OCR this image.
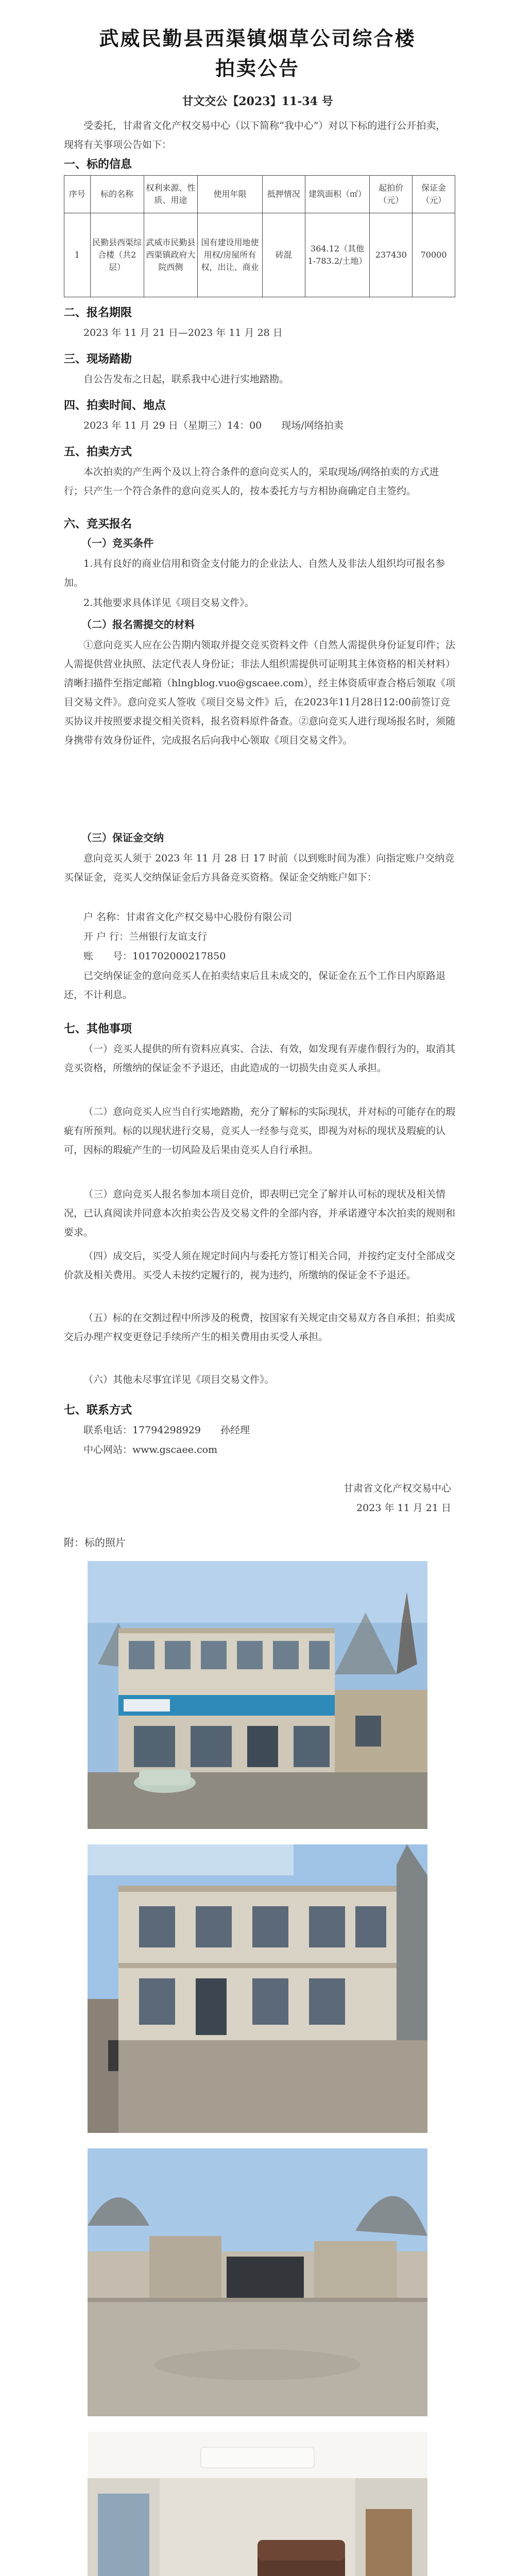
武威民勤县西渠镇烟草公司综合楼
拍卖公告
甘文交公【2023】11-34 号

受委托，甘肃省文化产权交易中心（以下简称“我中心”）对以下标的进行公开拍卖，现将有关事项公告如下：

一、标的信息
序号	标的名称	权利来源、性质、用途	使用年限	抵押情况	建筑面积（㎡）	起拍价（元）	保证金（元）
1	民勤县西渠综合楼（共2层）	武威市民勤县西渠镇政府大院西侧	国有建设用地使用权/房屋所有权，出让、商业	砖混	364.12（其他1-783.2/土地）	237430	70000
二、报名期限

2023 年 11 月 21 日—2023 年 11 月 28 日

三、现场踏勘

自公告发布之日起，联系我中心进行实地踏勘。

四、拍卖时间、地点

2023 年 11 月 29 日（星期三）14：00　　现场/网络拍卖

五、拍卖方式

本次拍卖的产生两个及以上符合条件的意向竞买人的，采取现场/网络拍卖的方式进行；只产生一个符合条件的意向竞买人的，按本委托方与方相协商确定自主签约。

六、竞买报名
（一）竞买条件

1.具有良好的商业信用和资金支付能力的企业法人、自然人及非法人组织均可报名参加。

2.其他要求具体详见《项目交易文件》。

（二）报名需提交的材料

①意向竞买人应在公告期内领取并提交竞买资料文件（自然人需提供身份证复印件；法人需提供营业执照、法定代表人身份证；非法人组织需提供可证明其主体资格的相关材料）清晰扫描件至指定邮箱（hlngblog.vuo@gscaee.com），经主体资质审查合格后领取《项目交易文件》。意向竞买人签收《项目交易文件》后，在2023年11月28日12:00前签订竞买协议并按照要求提交相关资料，报名资料原件备查。②意向竞买人进行现场报名时，须随身携带有效身份证件，完成报名后向我中心领取《项目交易文件》。

（三）保证金交纳

意向竞买人须于 2023 年 11 月 28 日 17 时前（以到账时间为准）向指定账户交纳竞买保证金，竞买人交纳保证金后方具备竞买资格。保证金交纳账户如下：

户 名称：甘肃省文化产权交易中心股份有限公司

开 户 行：兰州银行友谊支行

账　　号：101702000217850

已交纳保证金的意向竞买人在拍卖结束后且未成交的，保证金在五个工作日内原路退还，不计利息。

七、其他事项

（一）竞买人提供的所有资料应真实、合法、有效，如发现有弄虚作假行为的，取消其竞买资格，所缴纳的保证金不予退还，由此造成的一切损失由竞买人承担。

（二）意向竞买人应当自行实地踏勘，充分了解标的实际现状，并对标的可能存在的瑕疵有所预判。标的以现状进行交易，竞买人一经参与竞买，即视为对标的现状及瑕疵的认可，因标的瑕疵产生的一切风险及后果由竞买人自行承担。

（三）意向竞买人报名参加本项目竞价，即表明已完全了解并认可标的现状及相关情况，已认真阅读并同意本次拍卖公告及交易文件的全部内容，并承诺遵守本次拍卖的规则和要求。

（四）成交后，买受人须在规定时间内与委托方签订相关合同，并按约定支付全部成交价款及相关费用。买受人未按约定履行的，视为违约，所缴纳的保证金不予退还。

（五）标的在交割过程中所涉及的税费，按国家有关规定由交易双方各自承担；拍卖成交后办理产权变更登记手续所产生的相关费用由买受人承担。

（六）其他未尽事宜详见《项目交易文件》。

七、联系方式

联系电话：17794298929　　孙经理

中心网站：www.gscaee.com

甘肃省文化产权交易中心
2023 年 11 月 21 日
附：标的照片
